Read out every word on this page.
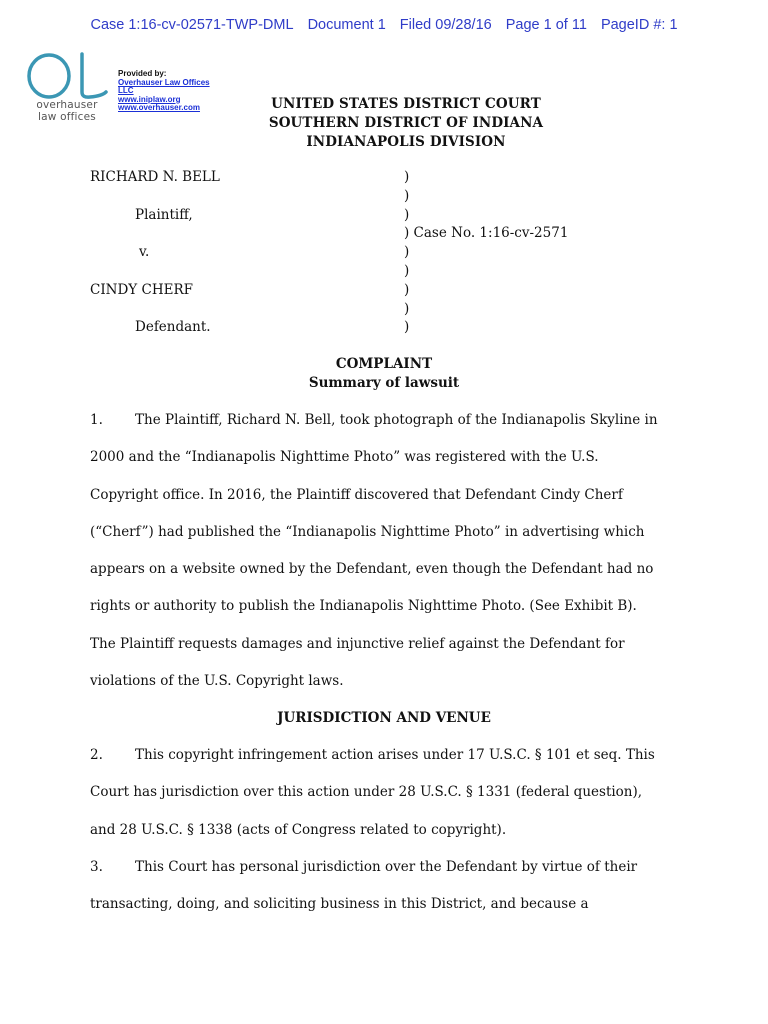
Case 1:16-cv-02571-TWP-DML Document 1 Filed 09/28/16 Page 1 of 11 PageID #: 1
overhauser
law offices
Provided by:
Overhauser Law Offices
LLC
www.iniplaw.org
www.overhauser.com	UNITED STATES DISTRICT COURT
SOUTHERN DISTRICT OF INDIANA
INDIANAPOLIS DIVISION
RICHARD N. BELL	)
)
Plaintiff,	)
) Case No. 1:16-cv-2571
v.	)
)
CINDY CHERF	)
)
Defendant.	)
COMPLAINT
Summary of lawsuit
1. The Plaintiff, Richard N. Bell, took photograph of the Indianapolis Skyline in
2000 and the “Indianapolis Nighttime Photo” was registered with the U.S.
Copyright office. In 2016, the Plaintiff discovered that Defendant Cindy Cherf
(“Cherf”) had published the “Indianapolis Nighttime Photo” in advertising which
appears on a website owned by the Defendant, even though the Defendant had no
rights or authority to publish the Indianapolis Nighttime Photo. (See Exhibit B).
The Plaintiff requests damages and injunctive relief against the Defendant for
violations of the U.S. Copyright laws.
JURISDICTION AND VENUE
2. This copyright infringement action arises under 17 U.S.C. § 101 et seq. This
Court has jurisdiction over this action under 28 U.S.C. § 1331 (federal question),
and 28 U.S.C. § 1338 (acts of Congress related to copyright).
3. This Court has personal jurisdiction over the Defendant by virtue of their
transacting, doing, and soliciting business in this District, and because a
